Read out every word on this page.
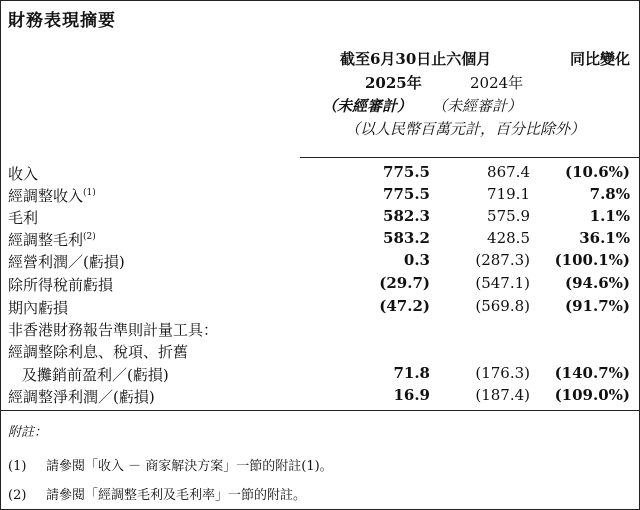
財務表現摘要
截至6月30日止六個月	同比變化
2025年	2024年
（未經審計） （未經審計）
（以人民幣百萬元計，百分比除外）
收入	775.5	867.4 (10.6%)
經調整收入$^{(1)}$	775.5	719.1	7.8%
毛利	582.3	575.9	1.1%
經調整毛利$^{(2)}$	583.2	428.5	36.1%
經營利潤／(虧損)	0.3	(287.3) (100.1%)
除所得稅前虧損	(29.7)	(547.1) (94.6%)
期內虧損	(47.2)	(569.8) (91.7%)
非香港財務報告準則計量工具：
經調整除利息、稅項、折舊
及攤銷前盈利／(虧損)	71.8	(176.3) (140.7%)
經調整淨利潤／(虧損)	16.9	(187.4) (109.0%)
附註：
(1) 請參閱「收入 － 商家解決方案」一節的附註(1)。
(2) 請參閱「經調整毛利及毛利率」一節的附註。
